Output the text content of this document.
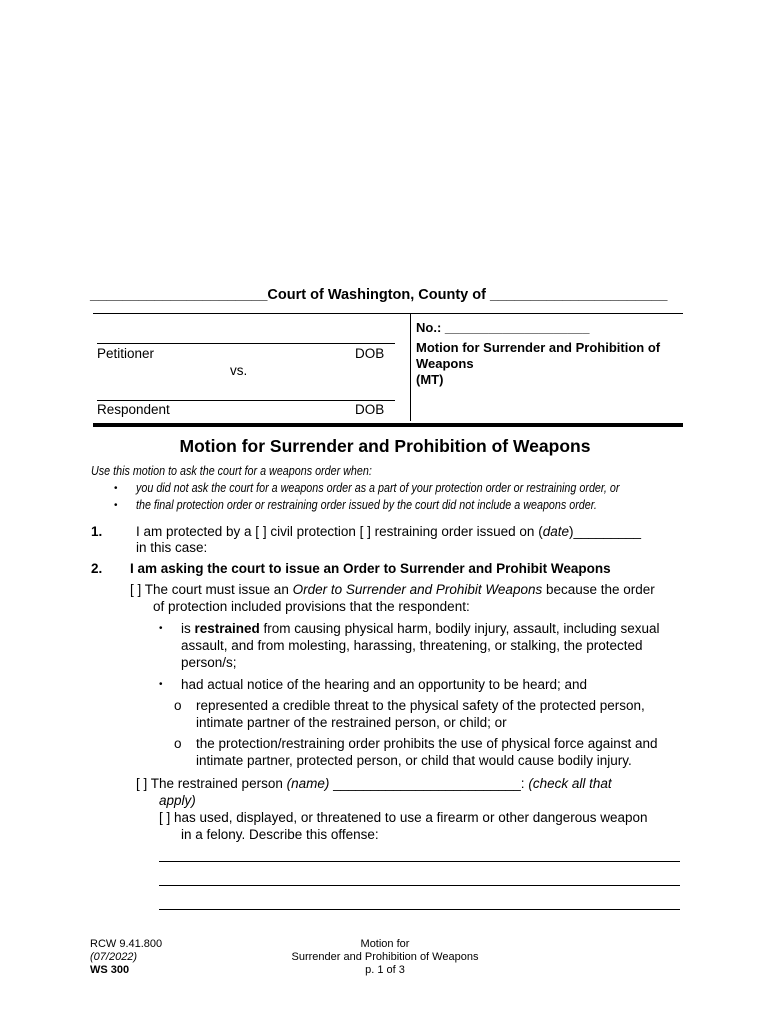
______________________Court of Washington, County of ______________________
Petitioner	DOB
vs.
Respondent	DOB
No.: ____________________
Motion for Surrender and Prohibition of
Weapons
(MT)
Motion for Surrender and Prohibition of Weapons
Use this motion to ask the court for a weapons order when:
• you did not ask the court for a weapons order as a part of your protection order or restraining order, or
• the final protection order or restraining order issued by the court did not include a weapons order.
1. I am protected by a [ ] civil protection [ ] restraining order issued on (date)_________
in this case:
2. I am asking the court to issue an Order to Surrender and Prohibit Weapons
[ ] The court must issue an Order to Surrender and Prohibit Weapons because the order
of protection included provisions that the respondent:
• is restrained from causing physical harm, bodily injury, assault, including sexual
assault, and from molesting, harassing, threatening, or stalking, the protected
person/s;
• had actual notice of the hearing and an opportunity to be heard; and
o represented a credible threat to the physical safety of the protected person,
intimate partner of the restrained person, or child; or
o the protection/restraining order prohibits the use of physical force against and
intimate partner, protected person, or child that would cause bodily injury.
[ ] The restrained person (name) _________________________: (check all that
apply)
[ ] has used, displayed, or threatened to use a firearm or other dangerous weapon
in a felony. Describe this offense:
RCW 9.41.800
(07/2022)
WS 300
Motion for
Surrender and Prohibition of Weapons
p. 1 of 3
